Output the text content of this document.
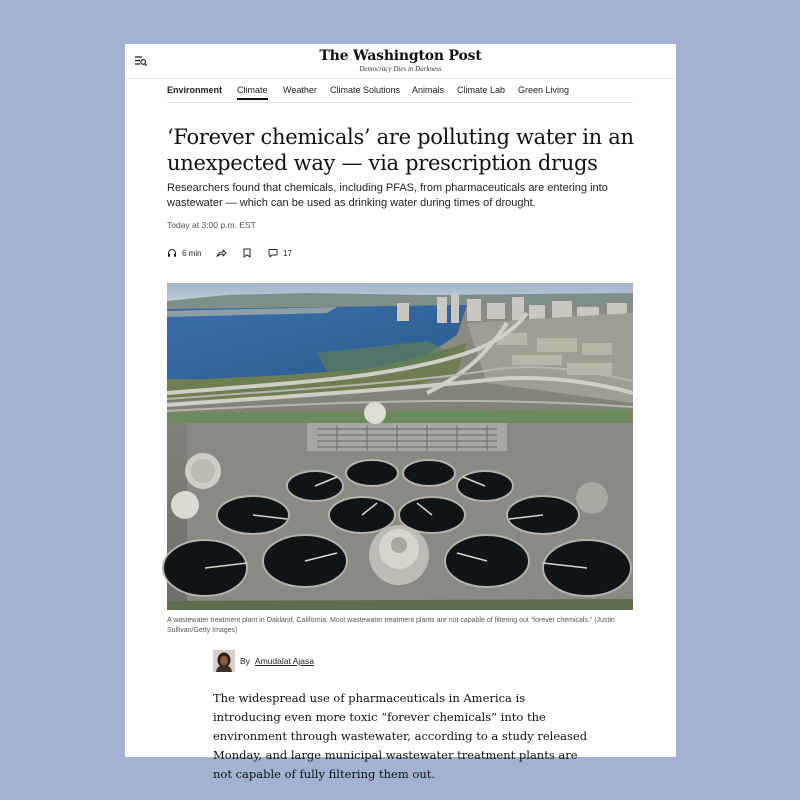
The Washington Post
Democracy Dies in Darkness
Environment Climate Weather Climate Solutions Animals Climate Lab Green Living
‘Forever chemicals’ are polluting water in an unexpected way — via prescription drugs

Researchers found that chemicals, including PFAS, from pharmaceuticals are entering into wastewater — which can be used as drinking water during times of drought.

Today at 3:00 p.m. EST
6 min	17

A wastewater treatment plant in Oakland, California. Most wastewater treatment plants are not capable of filtering out “forever chemicals.” (Justin Sullivan/Getty Images)

By Amudalat Ajasa

The widespread use of pharmaceuticals in America is introducing even more toxic “forever chemicals” into the environment through wastewater, according to a study released Monday, and large municipal wastewater treatment plants are not capable of fully filtering them out.
